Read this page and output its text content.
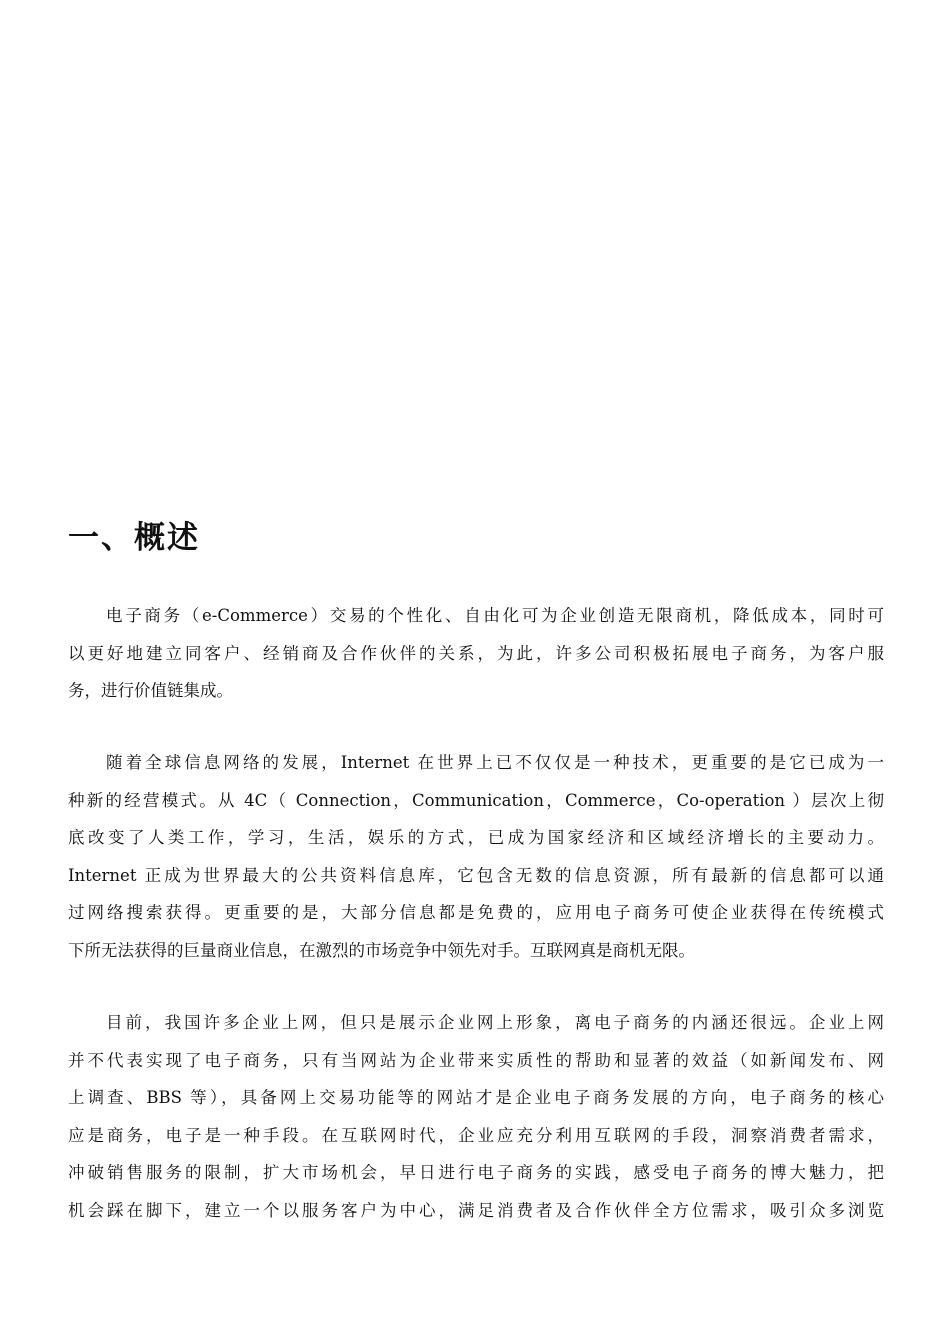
一、概述
电子商务（e-Commerce）交易的个性化、自由化可为企业创造无限商机，降低成本，同时可
以更好地建立同客户、经销商及合作伙伴的关系，为此，许多公司积极拓展电子商务，为客户服
务，进行价值链集成。
随着全球信息网络的发展，Internet 在世界上已不仅仅是一种技术，更重要的是它已成为一
种新的经营模式。从 4C（ Connection，Communication，Commerce，Co-operation ）层次上彻
底改变了人类工作，学习，生活，娱乐的方式，已成为国家经济和区域经济增长的主要动力。
Internet 正成为世界最大的公共资料信息库，它包含无数的信息资源，所有最新的信息都可以通
过网络搜索获得。更重要的是，大部分信息都是免费的，应用电子商务可使企业获得在传统模式
下所无法获得的巨量商业信息，在激烈的市场竞争中领先对手。互联网真是商机无限。
目前，我国许多企业上网，但只是展示企业网上形象，离电子商务的内涵还很远。企业上网
并不代表实现了电子商务，只有当网站为企业带来实质性的帮助和显著的效益（如新闻发布、网
上调查、BBS 等），具备网上交易功能等的网站才是企业电子商务发展的方向，电子商务的核心
应是商务，电子是一种手段。在互联网时代，企业应充分利用互联网的手段，洞察消费者需求，
冲破销售服务的限制，扩大市场机会，早日进行电子商务的实践，感受电子商务的博大魅力，把
机会踩在脚下，建立一个以服务客户为中心，满足消费者及合作伙伴全方位需求，吸引众多浏览
